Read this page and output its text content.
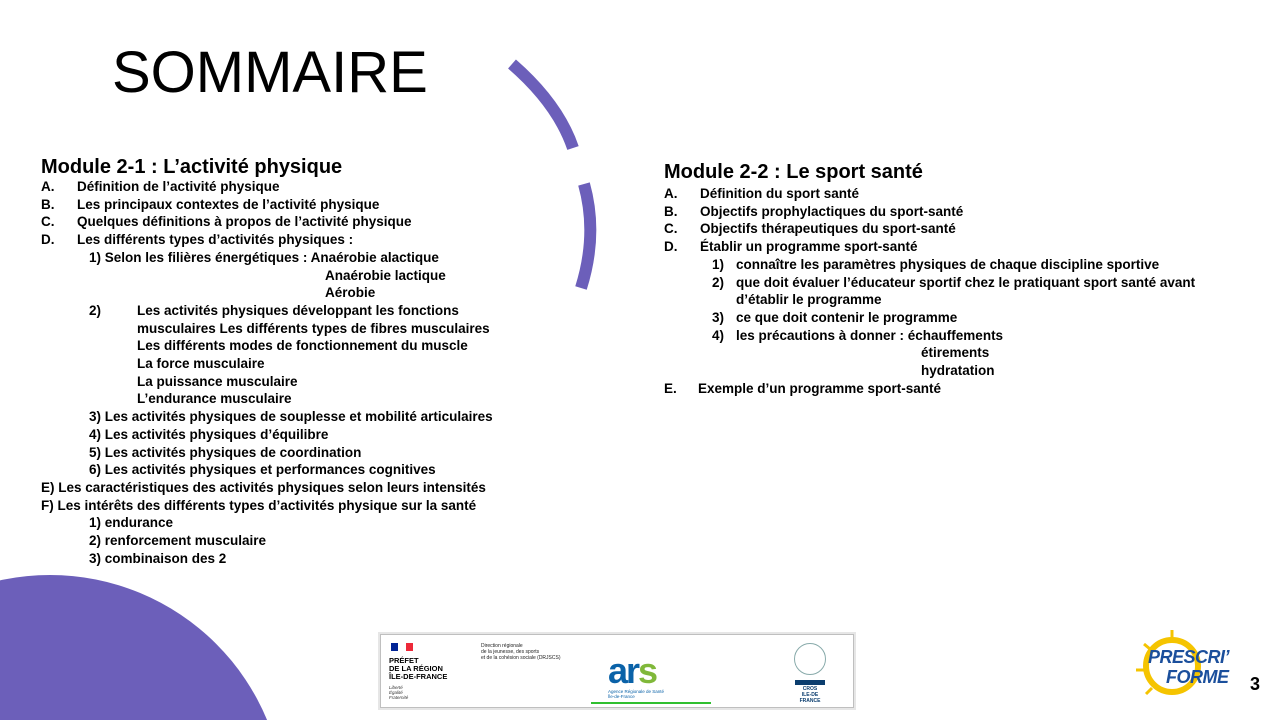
SOMMAIRE
Module 2-1 : L’activité physique
A. Définition de l’activité physique
B. Les principaux contextes de l’activité physique
C. Quelques définitions à propos de l’activité physique
D. Les différents types d’activités physiques :
1) Selon les filières énergétiques : Anaérobie alactique
Anaérobie lactique
Aérobie
2)	Les activités physiques développant les fonctions
musculaires Les différents types de fibres musculaires
Les différents modes de fonctionnement du muscle
La force musculaire
La puissance musculaire
L’endurance musculaire
3) Les activités physiques de souplesse et mobilité articulaires
4) Les activités physiques d’équilibre
5) Les activités physiques de coordination
6) Les activités physiques et performances cognitives
E) Les caractéristiques des activités physiques selon leurs intensités
F) Les intérêts des différents types d’activités physique sur la santé
1) endurance
2) renforcement musculaire
3) combinaison des 2
Module 2-2 : Le sport santé
A. Définition du sport santé
B. Objectifs prophylactiques du sport-santé
C. Objectifs thérapeutiques du sport-santé
D. Établir un programme sport-santé
1) connaître les paramètres physiques de chaque discipline sportive
2) que doit évaluer l’éducateur sportif chez le pratiquant sport santé avant
d’établir le programme
3) ce que doit contenir le programme
4) les précautions à donner : échauffements
étirements
hydratation
E. Exemple d’un programme sport-santé
PRÉFET
DE LA RÉGION
ÎLE-DE-FRANCE
Liberté
Égalité
Fraternité
Direction régionale
de la jeunesse, des sports
et de la cohésion sociale (DRJSCS)	ars
Agence Régionale de Santé
Île-de-France
CROS
ILE-DE FRANCE
PRESCRI’
FORME 3
